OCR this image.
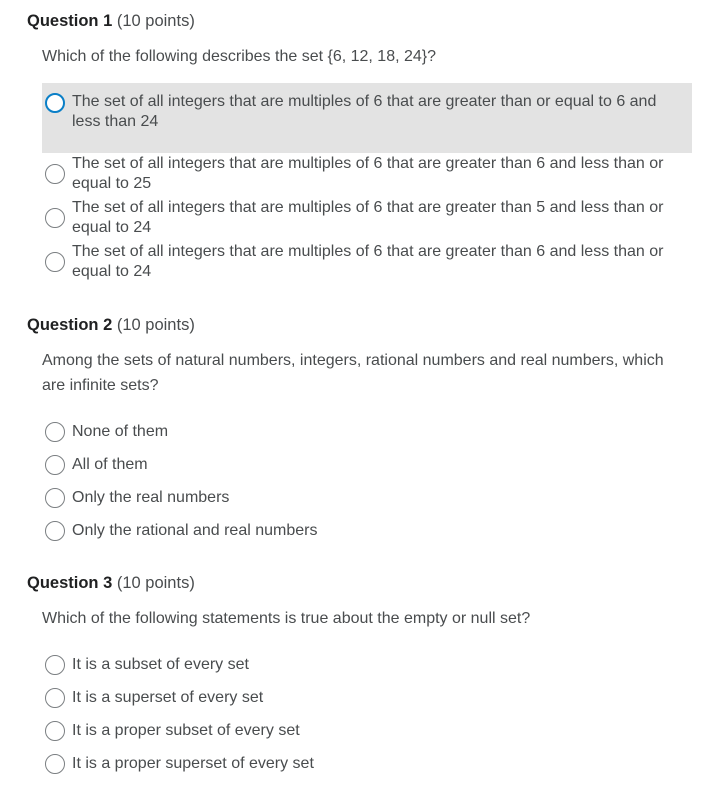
Question 1 (10 points)
Which of the following describes the set {6, 12, 18, 24}?
The set of all integers that are multiples of 6 that are greater than or equal to 6 and less than 24
The set of all integers that are multiples of 6 that are greater than 6 and less than or equal to 25
The set of all integers that are multiples of 6 that are greater than 5 and less than or equal to 24
The set of all integers that are multiples of 6 that are greater than 6 and less than or equal to 24
Question 2 (10 points)
Among the sets of natural numbers, integers, rational numbers and real numbers, which are infinite sets?
None of them
All of them
Only the real numbers
Only the rational and real numbers
Question 3 (10 points)
Which of the following statements is true about the empty or null set?
It is a subset of every set
It is a superset of every set
It is a proper subset of every set
It is a proper superset of every set
